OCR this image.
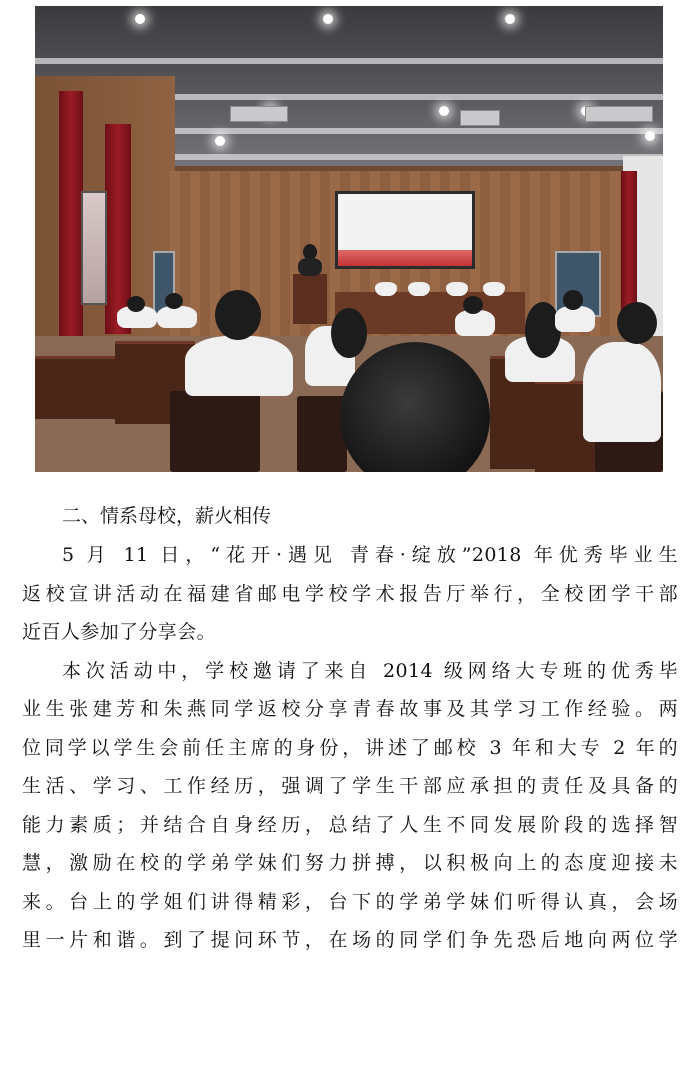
二、情系母校，薪火相传

5 月 11 日，“花开·遇见 青春·绽放”2018 年优秀毕业生
返校宣讲活动在福建省邮电学校学术报告厅举行，全校团学干部
近百人参加了分享会。
本次活动中，学校邀请了来自 2014 级网络大专班的优秀毕
业生张建芳和朱燕同学返校分享青春故事及其学习工作经验。两
位同学以学生会前任主席的身份，讲述了邮校 3 年和大专 2 年的
生活、学习、工作经历，强调了学生干部应承担的责任及具备的
能力素质；并结合自身经历，总结了人生不同发展阶段的选择智
慧，激励在校的学弟学妹们努力拼搏，以积极向上的态度迎接未
来。台上的学姐们讲得精彩，台下的学弟学妹们听得认真，会场
里一片和谐。到了提问环节，在场的同学们争先恐后地向两位学
